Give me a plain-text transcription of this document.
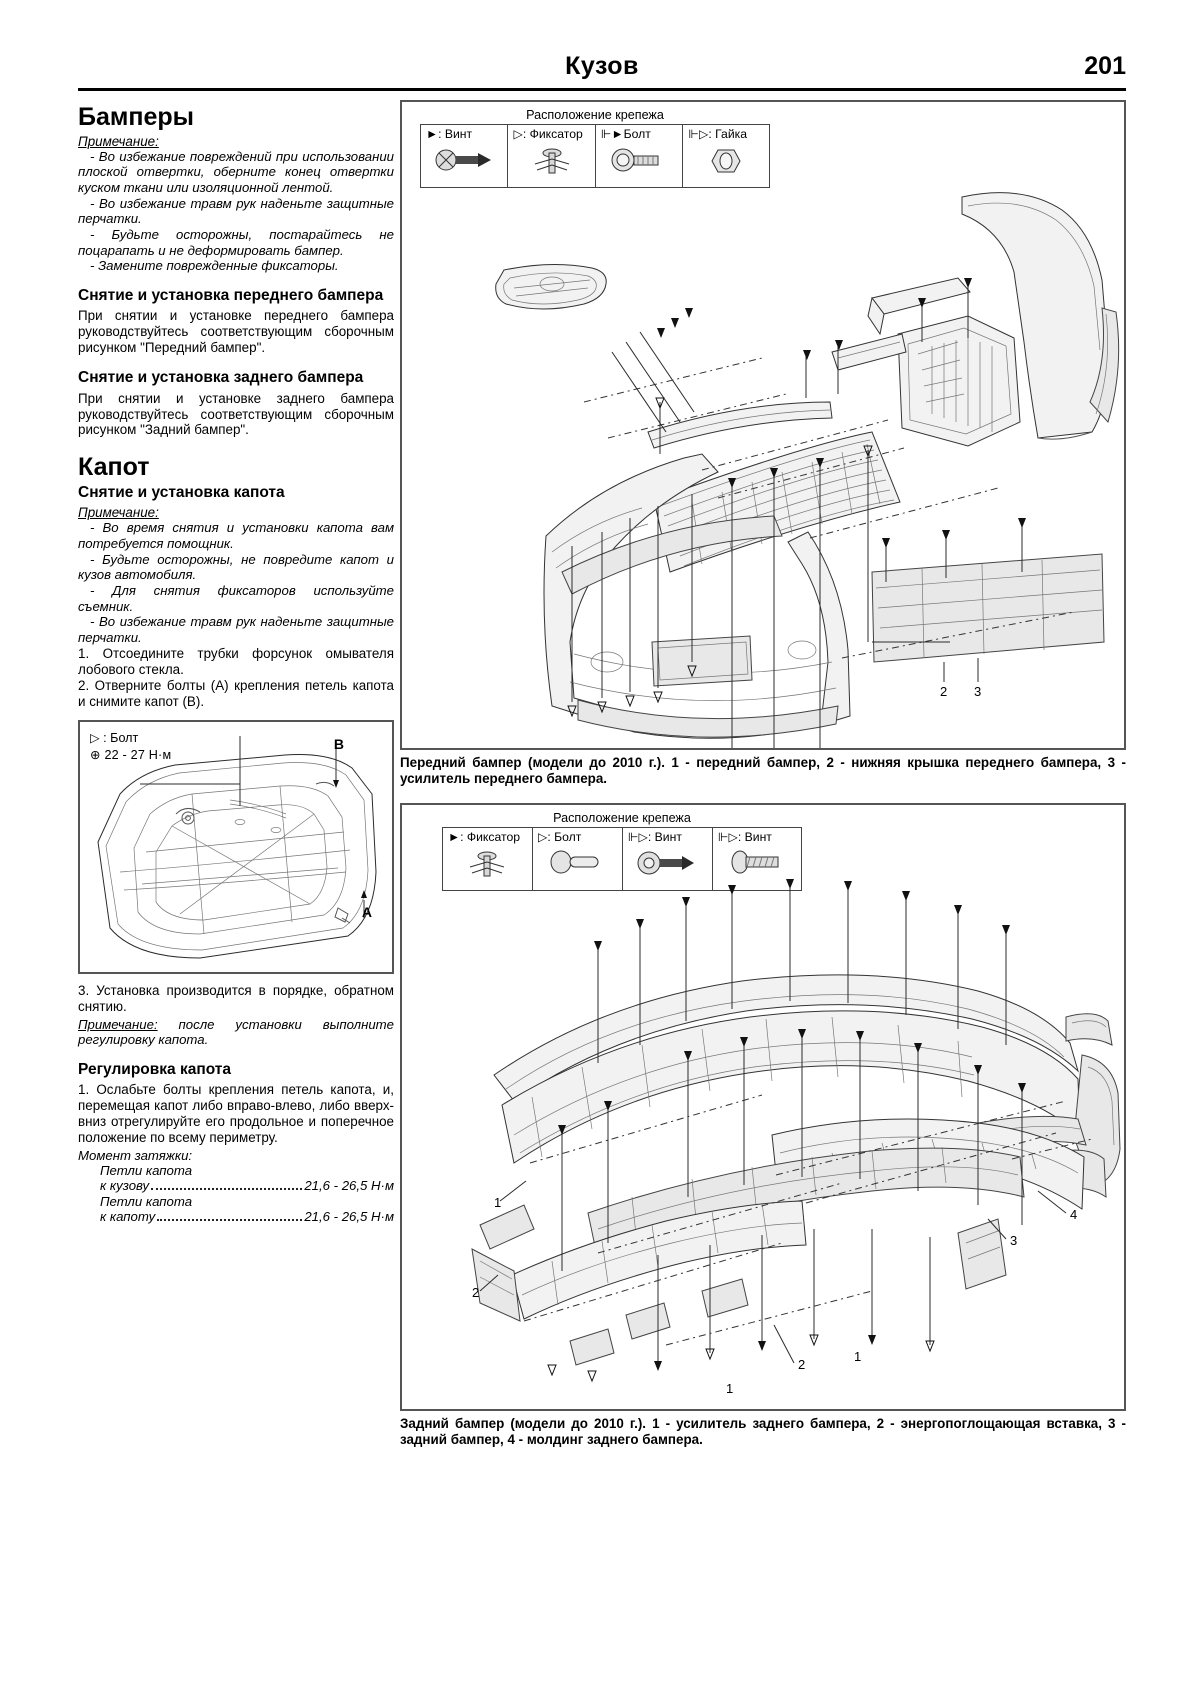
Кузов	201
Бамперы

Примечание:

- Во избежание повреждений при использовании плоской отвертки, оберните конец отвертки куском ткани или изоляционной лентой.
- Во избежание травм рук наденьте защитные перчатки.
- Будьте осторожны, постарайтесь не поцарапать и не деформировать бампер.
- Замените поврежденные фиксаторы.
Снятие и установка переднего бампера

При снятии и установке переднего бампера руководствуйтесь соответствующим сборочным рисунком "Передний бампер".

Снятие и установка заднего бампера

При снятии и установке заднего бампера руководствуйтесь соответствующим сборочным рисунком "Задний бампер".

Капот
Снятие и установка капота

Примечание:

- Во время снятия и установки капота вам потребуется помощник.
- Будьте осторожны, не повредите капот и кузов автомобиля.
- Для снятия фиксаторов используйте съемник.
- Во избежание травм рук наденьте защитные перчатки.

1. Отсоедините трубки форсунок омывателя лобового стекла.

2. Отверните болты (A) крепления петель капота и снимите капот (B).

▷ : Болт
⊕ 22 - 27 Н·м
B
A

3. Установка производится в порядке, обратном снятию.

Примечание: после установки выполните регулировку капота.

Регулировка капота

1. Ослабьте болты крепления петель капота, и, перемещая капот либо вправо-влево, либо вверх-вниз отрегулируйте его продольное и поперечное положение по всему периметру.

Момент затяжки:
Петли капота
к кузову	21,6 - 26,5 Н·м
Петли капота
к капоту	21,6 - 26,5 Н·м
Расположение крепежа
►: Винт	▷: Фиксатор	⊩►Болт	⊩▷: Гайка
2 3
Передний бампер (модели до 2010 г.). 1 - передний бампер, 2 - нижняя крышка переднего бампера, 3 - усилитель переднего бампера.
Расположение крепежа
►: Фиксатор	▷: Болт	⊩▷: Винт	⊩▷: Винт
1
4
3
2
1
1
2
Задний бампер (модели до 2010 г.). 1 - усилитель заднего бампера, 2 - энергопоглощающая вставка, 3 - задний бампер, 4 - молдинг заднего бампера.
